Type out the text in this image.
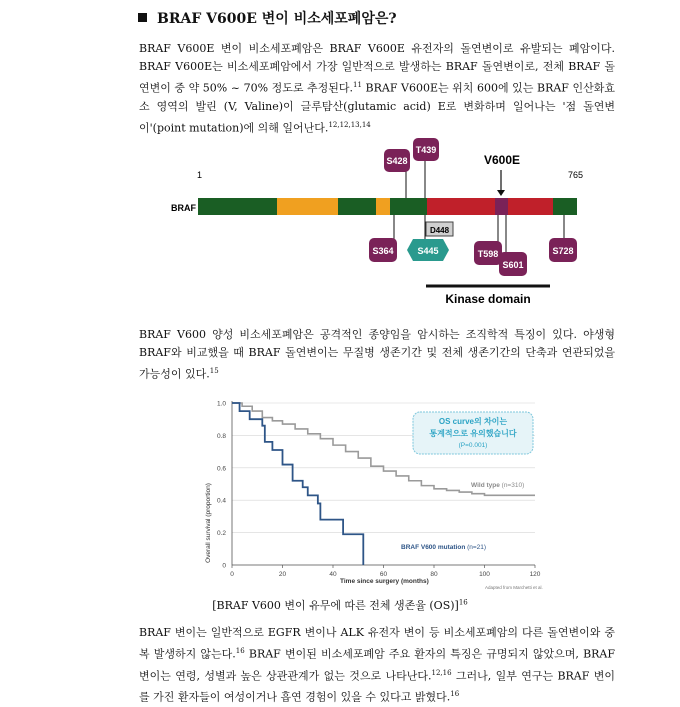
BRAF V600E 변이 비소세포폐암은?
BRAF V600E 변이 비소세포폐암은 BRAF V600E 유전자의 돌연변이로 유발되는 폐암이다. BRAF V600E는 비소세포폐암에서 가장 일반적으로 발생하는 BRAF 돌연변이로, 전체 BRAF 돌연변이 중 약 50% ~ 70% 정도로 추정된다.$^{11}$ BRAF V600E는 위치 600에 있는 BRAF 인산화효소 영역의 발린 (V, Valine)이 글루탐산(glutamic acid) E로 변화하며 일어나는 '점 돌연변이'(point mutation)에 의해 일어난다.$^{12,12,13,14}$
1	765
BRAF
V600E
S428
T439
S364
D448
S445	T598
S601
S728
Kinase domain
BRAF V600 양성 비소세포폐암은 공격적인 종양임을 암시하는 조직학적 특징이 있다. 야생형 BRAF와 비교했을 때 BRAF 돌연변이는 무질병 생존기간 및 전체 생존기간의 단축과 연관되었을 가능성이 있다.$^{15}$
0
0.2
0.4
0.6
0.8
1.0
0	20	40	60	80	100	120
Overall survival (proportion)
Time since surgery (months)
OS curve의 차이는
통계적으로 유의했습니다
(P=0.001)
Wild type (n=310)
BRAF V600 mutation (n=21)
Adapted from Marchetti et al.
[BRAF V600 변이 유무에 따른 전체 생존율 (OS)]$^{16}$
BRAF 변이는 일반적으로 EGFR 변이나 ALK 유전자 변이 등 비소세포폐암의 다른 돌연변이와 중복 발생하지 않는다.$^{16}$ BRAF 변이된 비소세포폐암 주요 환자의 특징은 규명되지 않았으며, BRAF 변이는 연령, 성별과 높은 상관관계가 없는 것으로 나타난다.$^{12,16}$ 그러나, 일부 연구는 BRAF 변이를 가진 환자들이 여성이거나 흡연 경험이 있을 수 있다고 밝혔다.$^{16}$
